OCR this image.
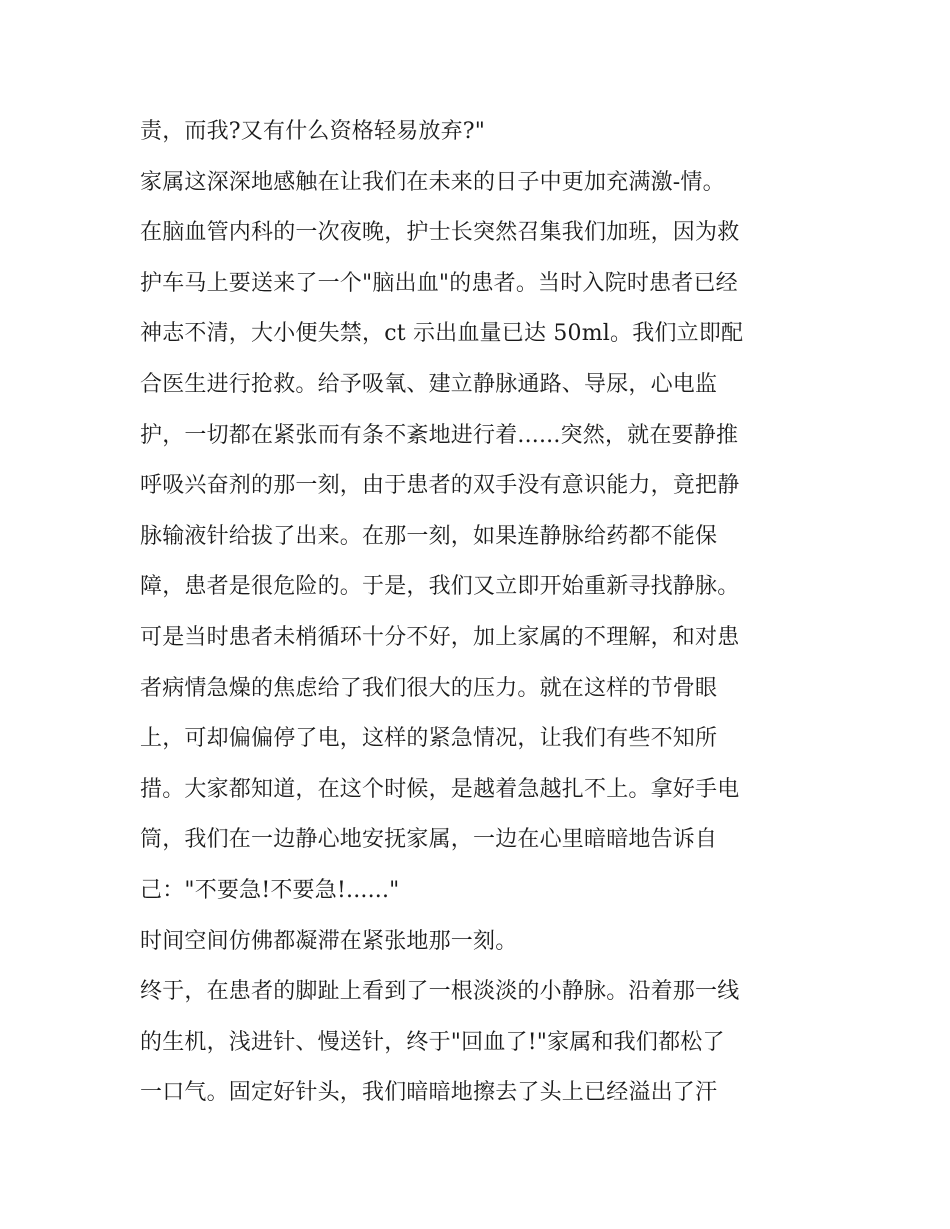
责，而我?又有什么资格轻易放弃?"
家属这深深地感触在让我们在未来的日子中更加充满激-情。
在脑血管内科的一次夜晚，护士长突然召集我们加班，因为救
护车马上要送来了一个"脑出血"的患者。当时入院时患者已经
神志不清，大小便失禁，ct 示出血量已达 50ml。我们立即配
合医生进行抢救。给予吸氧、建立静脉通路、导尿，心电监
护，一切都在紧张而有条不紊地进行着......突然，就在要静推
呼吸兴奋剂的那一刻，由于患者的双手没有意识能力，竟把静
脉输液针给拔了出来。在那一刻，如果连静脉给药都不能保
障，患者是很危险的。于是，我们又立即开始重新寻找静脉。
可是当时患者未梢循环十分不好，加上家属的不理解，和对患
者病情急燥的焦虑给了我们很大的压力。就在这样的节骨眼
上，可却偏偏停了电，这样的紧急情况，让我们有些不知所
措。大家都知道，在这个时候，是越着急越扎不上。拿好手电
筒，我们在一边静心地安抚家属，一边在心里暗暗地告诉自
己："不要急!不要急!......"
时间空间仿佛都凝滞在紧张地那一刻。
终于，在患者的脚趾上看到了一根淡淡的小静脉。沿着那一线
的生机，浅进针、慢送针，终于"回血了!"家属和我们都松了
一口气。固定好针头，我们暗暗地擦去了头上已经溢出了汗
